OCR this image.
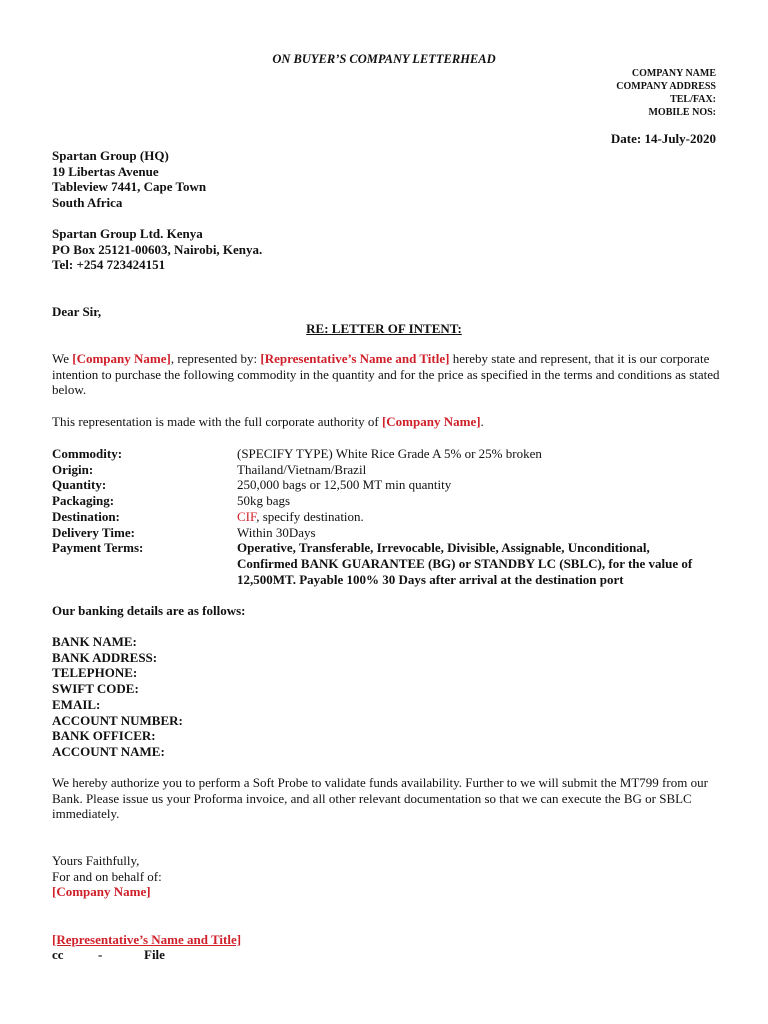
ON BUYER’S COMPANY LETTERHEAD
COMPANY NAME
COMPANY ADDRESS
TEL/FAX:
MOBILE NOS:
Date: 14-July-2020
Spartan Group (HQ)
19 Libertas Avenue
Tableview 7441, Cape Town
South Africa
Spartan Group Ltd. Kenya
PO Box 25121-00603, Nairobi, Kenya.
Tel: +254 723424151
Dear Sir,
RE: LETTER OF INTENT:
We [Company Name], represented by: [Representative’s Name and Title] hereby state and represent, that it is our corporate intention to purchase the following commodity in the quantity and for the price as specified in the terms and conditions as stated below.
This representation is made with the full corporate authority of [Company Name].
Commodity:	(SPECIFY TYPE) White Rice Grade A 5% or 25% broken
Origin:	Thailand/Vietnam/Brazil
Quantity:	250,000 bags or 12,500 MT min quantity
Packaging:	50kg bags
Destination:	CIF, specify destination.
Delivery Time:	Within 30Days
Payment Terms:	Operative, Transferable, Irrevocable, Divisible, Assignable, Unconditional, Confirmed BANK GUARANTEE (BG) or STANDBY LC (SBLC), for the value of 12,500MT. Payable 100% 30 Days after arrival at the destination port
Our banking details are as follows:
BANK NAME:
BANK ADDRESS:
TELEPHONE:
SWIFT CODE:
EMAIL:
ACCOUNT NUMBER:
BANK OFFICER:
ACCOUNT NAME:
We hereby authorize you to perform a Soft Probe to validate funds availability. Further to we will submit the MT799 from our Bank. Please issue us your Proforma invoice, and all other relevant documentation so that we can execute the BG or SBLC immediately.
Yours Faithfully,
For and on behalf of:
[Company Name]
[Representative’s Name and Title]
cc	-	File
